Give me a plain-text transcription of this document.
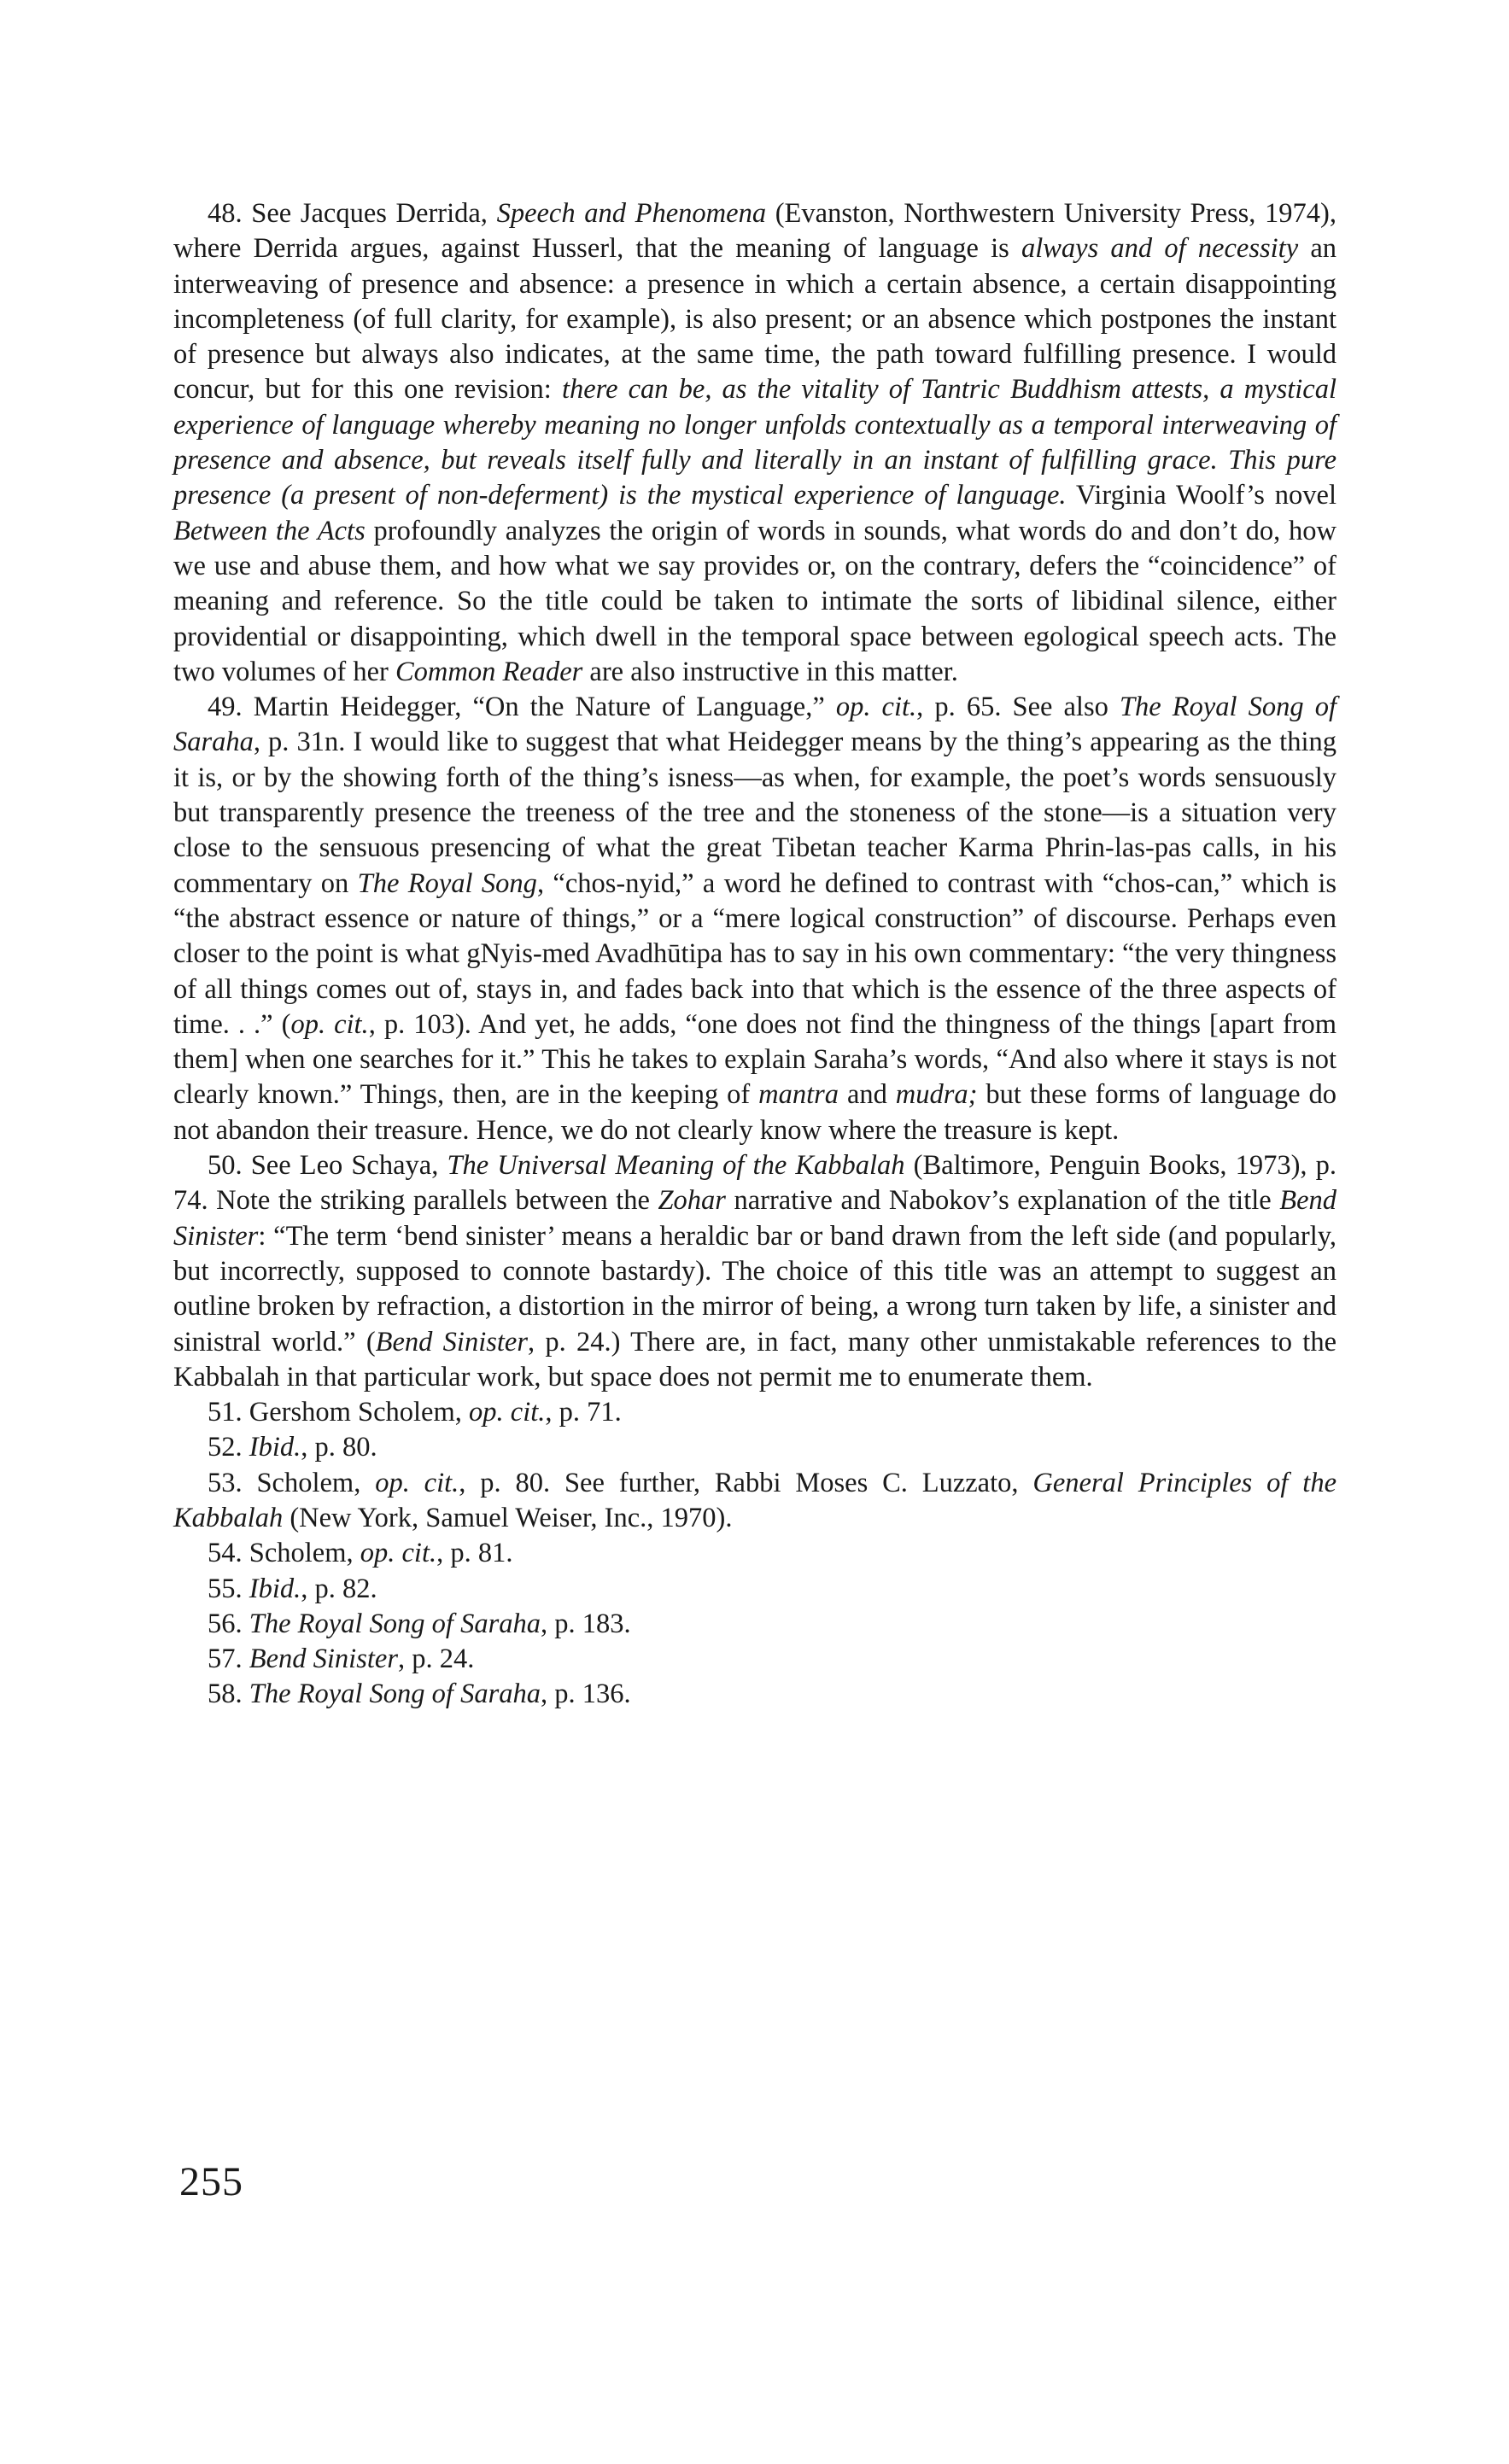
48. See Jacques Derrida, Speech and Phenomena (Evanston, Northwestern University Press, 1974), where Derrida argues, against Husserl, that the meaning of language is always and of necessity an interweaving of presence and absence: a presence in which a certain absence, a certain disappointing incompleteness (of full clarity, for example), is also present; or an absence which postpones the instant of presence but always also indicates, at the same time, the path toward fulfilling presence. I would concur, but for this one revision: there can be, as the vitality of Tantric Buddhism attests, a mystical experience of language whereby meaning no longer unfolds contextually as a temporal interweaving of presence and absence, but reveals itself fully and literally in an instant of fulfilling grace. This pure presence (a present of non-deferment) is the mystical experience of language. Virginia Woolf’s novel Between the Acts profoundly analyzes the origin of words in sounds, what words do and don’t do, how we use and abuse them, and how what we say provides or, on the contrary, defers the “coincidence” of meaning and reference. So the title could be taken to intimate the sorts of libidinal silence, either providential or disappointing, which dwell in the temporal space between egological speech acts. The two volumes of her Common Reader are also instructive in this matter.

49. Martin Heidegger, “On the Nature of Language,” op. cit., p. 65. See also The Royal Song of Saraha, p. 31n. I would like to suggest that what Heidegger means by the thing’s appearing as the thing it is, or by the showing forth of the thing’s isness—as when, for example, the poet’s words sensuously but transparently presence the treeness of the tree and the stoneness of the stone—is a situation very close to the sensuous presencing of what the great Tibetan teacher Karma Phrin-las-pas calls, in his commentary on The Royal Song, “chos-nyid,” a word he defined to contrast with “chos-can,” which is “the abstract essence or nature of things,” or a “mere logical construction” of discourse. Perhaps even closer to the point is what gNyis-med Avadhūtipa has to say in his own commentary: “the very thingness of all things comes out of, stays in, and fades back into that which is the essence of the three aspects of time. . .” (op. cit., p. 103). And yet, he adds, “one does not find the thingness of the things [apart from them] when one searches for it.” This he takes to explain Saraha’s words, “And also where it stays is not clearly known.” Things, then, are in the keeping of mantra and mudra; but these forms of language do not abandon their treasure. Hence, we do not clearly know where the treasure is kept.

50. See Leo Schaya, The Universal Meaning of the Kabbalah (Baltimore, Penguin Books, 1973), p. 74. Note the striking parallels between the Zohar narrative and Nabokov’s explanation of the title Bend Sinister: “The term ‘bend sinister’ means a heraldic bar or band drawn from the left side (and popularly, but incorrectly, supposed to connote bastardy). The choice of this title was an attempt to suggest an outline broken by refraction, a distortion in the mirror of being, a wrong turn taken by life, a sinister and sinistral world.” (Bend Sinister, p. 24.) There are, in fact, many other unmistakable references to the Kabbalah in that particular work, but space does not permit me to enumerate them.

51. Gershom Scholem, op. cit., p. 71.

52. Ibid., p. 80.

53. Scholem, op. cit., p. 80. See further, Rabbi Moses C. Luzzato, General Principles of the Kabbalah (New York, Samuel Weiser, Inc., 1970).

54. Scholem, op. cit., p. 81.

55. Ibid., p. 82.

56. The Royal Song of Saraha, p. 183.

57. Bend Sinister, p. 24.

58. The Royal Song of Saraha, p. 136.

255
